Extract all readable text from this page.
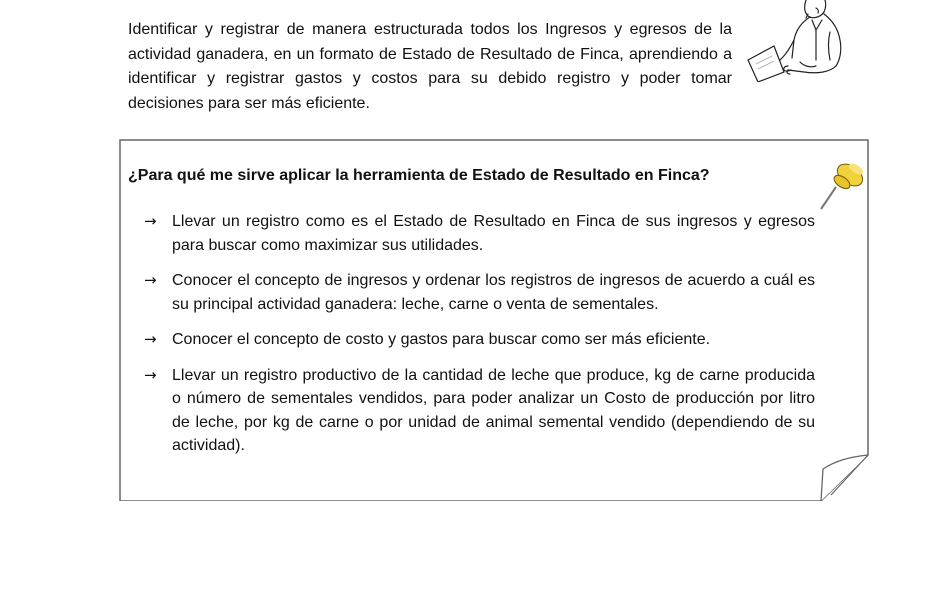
Identificar y registrar de manera estructurada todos los Ingresos y egresos de la actividad ganadera, en un formato de Estado de Resultado de Finca, aprendiendo a identificar y registrar gastos y costos para su debido registro y poder tomar decisiones para ser más eficiente.

¿Para qué me sirve aplicar la herramienta de Estado de Resultado en Finca?

→ Llevar un registro como es el Estado de Resultado en Finca de sus ingresos y egresos para buscar como maximizar sus utilidades.
→ Conocer el concepto de ingresos y ordenar los registros de ingresos de acuerdo a cuál es su principal actividad ganadera: leche, carne o venta de sementales.
→ Conocer el concepto de costo y gastos para buscar como ser más eficiente.
→ Llevar un registro productivo de la cantidad de leche que produce, kg de carne producida o número de sementales vendidos, para poder analizar un Costo de producción por litro de leche, por kg de carne o por unidad de animal semental vendido (dependiendo de su actividad).
